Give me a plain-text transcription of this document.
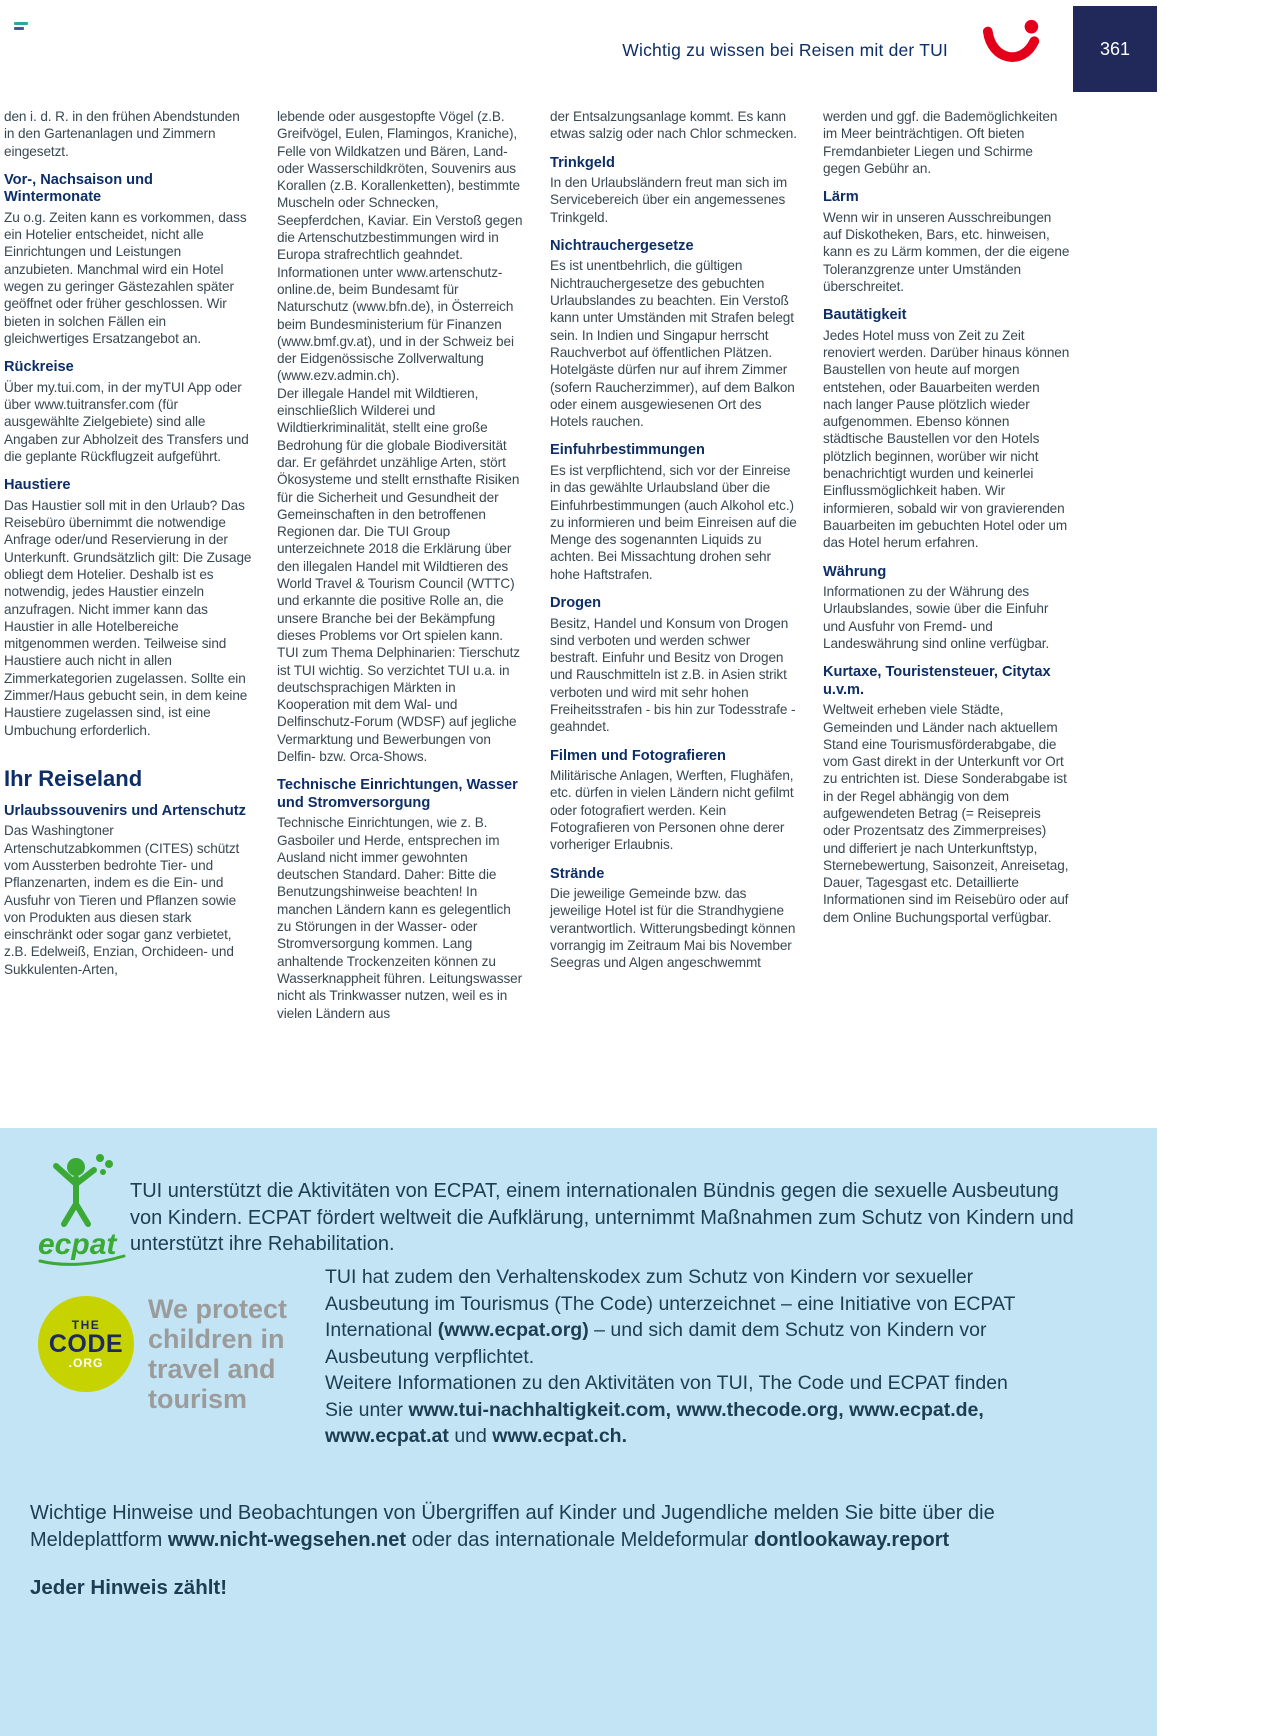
Wichtig zu wissen bei Reisen mit der TUI	361
den i. d. R. in den frühen Abendstunden in den Gartenanlagen und Zimmern eingesetzt.
Vor-, Nachsaison und Wintermonate
Zu o.g. Zeiten kann es vorkommen, dass ein Hotelier entscheidet, nicht alle Einrichtungen und Leistungen anzubieten. Manchmal wird ein Hotel wegen zu geringer Gästezahlen später geöffnet oder früher geschlossen. Wir bieten in solchen Fällen ein gleichwertiges Ersatzangebot an.
Rückreise
Über my.tui.com, in der myTUI App oder über www.tuitransfer.com (für ausgewählte Zielgebiete) sind alle Angaben zur Abholzeit des Transfers und die geplante Rückflugzeit aufgeführt.
Haustiere
Das Haustier soll mit in den Urlaub? Das Reisebüro übernimmt die notwendige Anfrage oder/und Reservierung in der Unterkunft. Grundsätzlich gilt: Die Zusage obliegt dem Hotelier. Deshalb ist es notwendig, jedes Haustier einzeln anzufragen. Nicht immer kann das Haustier in alle Hotelbereiche mitgenommen werden. Teilweise sind Haustiere auch nicht in allen Zimmerkategorien zugelassen. Sollte ein Zimmer/Haus gebucht sein, in dem keine Haustiere zugelassen sind, ist eine Umbuchung erforderlich.
Ihr Reiseland
Urlaubssouvenirs und Artenschutz
Das Washingtoner Artenschutzabkommen (CITES) schützt vom Aussterben bedrohte Tier- und Pflanzenarten, indem es die Ein- und Ausfuhr von Tieren und Pflanzen sowie von Produkten aus diesen stark einschränkt oder sogar ganz verbietet, z.B. Edelweiß, Enzian, Orchideen- und Sukkulenten-Arten,
lebende oder ausgestopfte Vögel (z.B. Greifvögel, Eulen, Flamingos, Kraniche), Felle von Wildkatzen und Bären, Land- oder Wasserschildkröten, Souvenirs aus Korallen (z.B. Korallenketten), bestimmte Muscheln oder Schnecken, Seepferdchen, Kaviar. Ein Verstoß gegen die Artenschutzbestimmungen wird in Europa strafrechtlich geahndet. Informationen unter www.artenschutz-online.de, beim Bundesamt für Naturschutz (www.bfn.de), in Österreich beim Bundesministerium für Finanzen (www.bmf.gv.at), und in der Schweiz bei der Eidgenössische Zollverwaltung (www.ezv.admin.ch).
Der illegale Handel mit Wildtieren, einschließlich Wilderei und Wildtierkriminalität, stellt eine große Bedrohung für die globale Biodiversität dar. Er gefährdet unzählige Arten, stört Ökosysteme und stellt ernsthafte Risiken für die Sicherheit und Gesundheit der Gemeinschaften in den betroffenen Regionen dar. Die TUI Group unterzeichnete 2018 die Erklärung über den illegalen Handel mit Wildtieren des World Travel & Tourism Council (WTTC) und erkannte die positive Rolle an, die unsere Branche bei der Bekämpfung dieses Problems vor Ort spielen kann.
TUI zum Thema Delphinarien: Tierschutz ist TUI wichtig. So verzichtet TUI u.a. in deutschsprachigen Märkten in Kooperation mit dem Wal- und Delfinschutz-Forum (WDSF) auf jegliche Vermarktung und Bewerbungen von Delfin- bzw. Orca-Shows.
Technische Einrichtungen, Wasser und Stromversorgung
Technische Einrichtungen, wie z. B. Gasboiler und Herde, entsprechen im Ausland nicht immer gewohnten deutschen Standard. Daher: Bitte die Benutzungshinweise beachten! In manchen Ländern kann es gelegentlich zu Störungen in der Wasser- oder Stromversorgung kommen. Lang anhaltende Trockenzeiten können zu Wasserknappheit führen. Leitungswasser nicht als Trinkwasser nutzen, weil es in vielen Ländern aus
der Entsalzungsanlage kommt. Es kann etwas salzig oder nach Chlor schmecken.
Trinkgeld
In den Urlaubsländern freut man sich im Servicebereich über ein angemessenes Trinkgeld.
Nichtrauchergesetze
Es ist unentbehrlich, die gültigen Nichtrauchergesetze des gebuchten Urlaubslandes zu beachten. Ein Verstoß kann unter Umständen mit Strafen belegt sein. In Indien und Singapur herrscht Rauchverbot auf öffentlichen Plätzen. Hotelgäste dürfen nur auf ihrem Zimmer (sofern Raucherzimmer), auf dem Balkon oder einem ausgewiesenen Ort des Hotels rauchen.
Einfuhrbestimmungen
Es ist verpflichtend, sich vor der Einreise in das gewählte Urlaubsland über die Einfuhrbestimmungen (auch Alkohol etc.) zu informieren und beim Einreisen auf die Menge des sogenannten Liquids zu achten. Bei Missachtung drohen sehr hohe Haftstrafen.
Drogen
Besitz, Handel und Konsum von Drogen sind verboten und werden schwer bestraft. Einfuhr und Besitz von Drogen und Rauschmitteln ist z.B. in Asien strikt verboten und wird mit sehr hohen Freiheitsstrafen - bis hin zur Todesstrafe - geahndet.
Filmen und Fotografieren
Militärische Anlagen, Werften, Flughäfen, etc. dürfen in vielen Ländern nicht gefilmt oder fotografiert werden. Kein Fotografieren von Personen ohne derer vorheriger Erlaubnis.
Strände
Die jeweilige Gemeinde bzw. das jeweilige Hotel ist für die Strandhygiene verantwortlich. Witterungsbedingt können vorrangig im Zeitraum Mai bis November Seegras und Algen angeschwemmt
werden und ggf. die Bademöglichkeiten im Meer beinträchtigen. Oft bieten Fremdanbieter Liegen und Schirme gegen Gebühr an.
Lärm
Wenn wir in unseren Ausschreibungen auf Diskotheken, Bars, etc. hinweisen, kann es zu Lärm kommen, der die eigene Toleranzgrenze unter Umständen überschreitet.
Bautätigkeit
Jedes Hotel muss von Zeit zu Zeit renoviert werden. Darüber hinaus können Baustellen von heute auf morgen entstehen, oder Bauarbeiten werden nach langer Pause plötzlich wieder aufgenommen. Ebenso können städtische Baustellen vor den Hotels plötzlich beginnen, worüber wir nicht benachrichtigt wurden und keinerlei Einflussmöglichkeit haben. Wir informieren, sobald wir von gravierenden Bauarbeiten im gebuchten Hotel oder um das Hotel herum erfahren.
Währung
Informationen zu der Währung des Urlaubslandes, sowie über die Einfuhr und Ausfuhr von Fremd- und Landeswährung sind online verfügbar.
Kurtaxe, Touristensteuer, Citytax u.v.m.
Weltweit erheben viele Städte, Gemeinden und Länder nach aktuellem Stand eine Tourismusförderabgabe, die vom Gast direkt in der Unterkunft vor Ort zu entrichten ist. Diese Sonderabgabe ist in der Regel abhängig von dem aufgewendeten Betrag (= Reisepreis oder Prozentsatz des Zimmerpreises) und differiert je nach Unterkunftstyp, Sternebewertung, Saisonzeit, Anreisetag, Dauer, Tagesgast etc. Detaillierte Informationen sind im Reisebüro oder auf dem Online Buchungsportal verfügbar.
ecpat

TUI unterstützt die Aktivitäten von ECPAT, einem internationalen Bündnis gegen die sexuelle Ausbeutung von Kindern. ECPAT fördert weltweit die Aufklärung, unternimmt Maßnahmen zum Schutz von Kindern und unterstützt ihre Rehabilitation.

THE
CODE
.ORG
We protect children in travel and tourism

TUI hat zudem den Verhaltenskodex zum Schutz von Kindern vor sexueller Ausbeutung im Tourismus (The Code) unterzeichnet – eine Initiative von ECPAT International (www.ecpat.org) – und sich damit dem Schutz von Kindern vor Ausbeutung verpflichtet.

Weitere Informationen zu den Aktivitäten von TUI, The Code und ECPAT finden Sie unter www.tui-nachhaltigkeit.com, www.thecode.org, www.ecpat.de, www.ecpat.at und www.ecpat.ch.

Wichtige Hinweise und Beobachtungen von Übergriffen auf Kinder und Jugendliche melden Sie bitte über die Meldeplattform www.nicht-wegsehen.net oder das internationale Meldeformular dontlookaway.report

Jeder Hinweis zählt!
